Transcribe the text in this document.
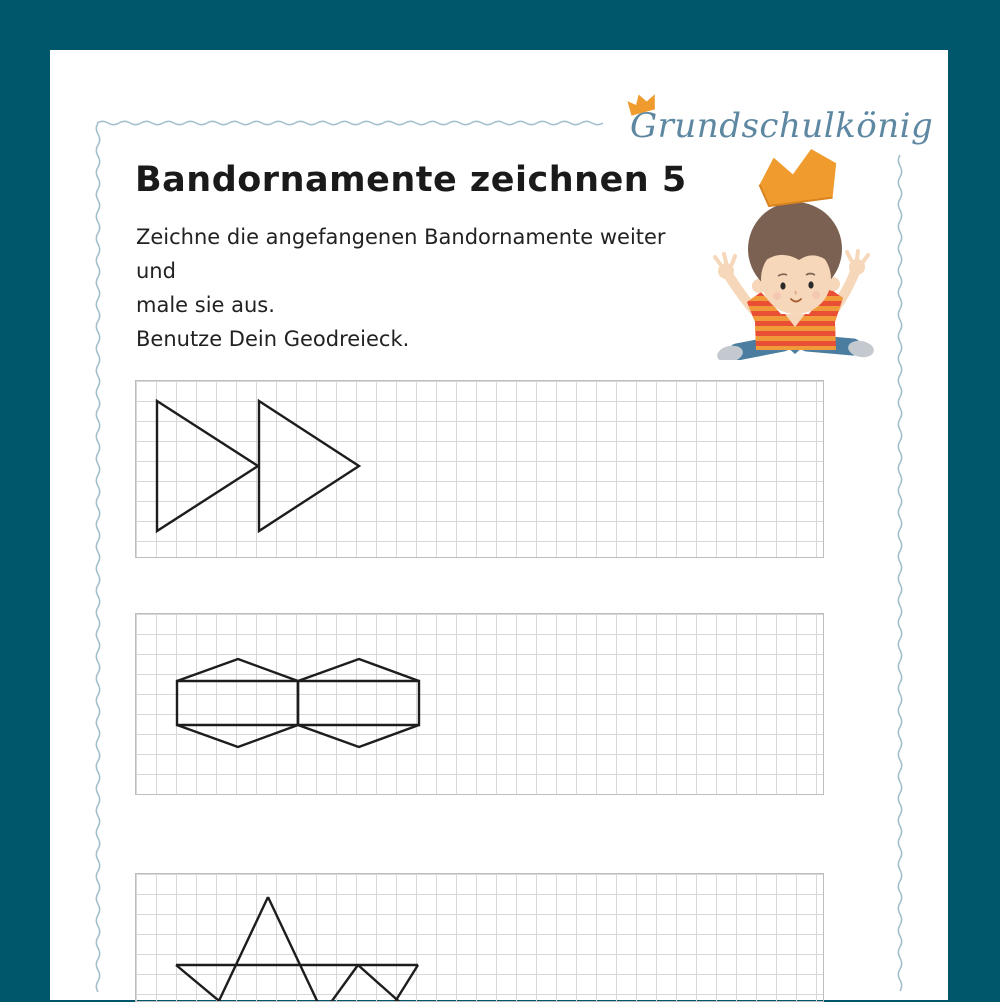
Grundschulkönig
Bandornamente zeichnen 5
Zeichne die angefangenen Bandornamente weiter und
male sie aus.
Benutze Dein Geodreieck.
